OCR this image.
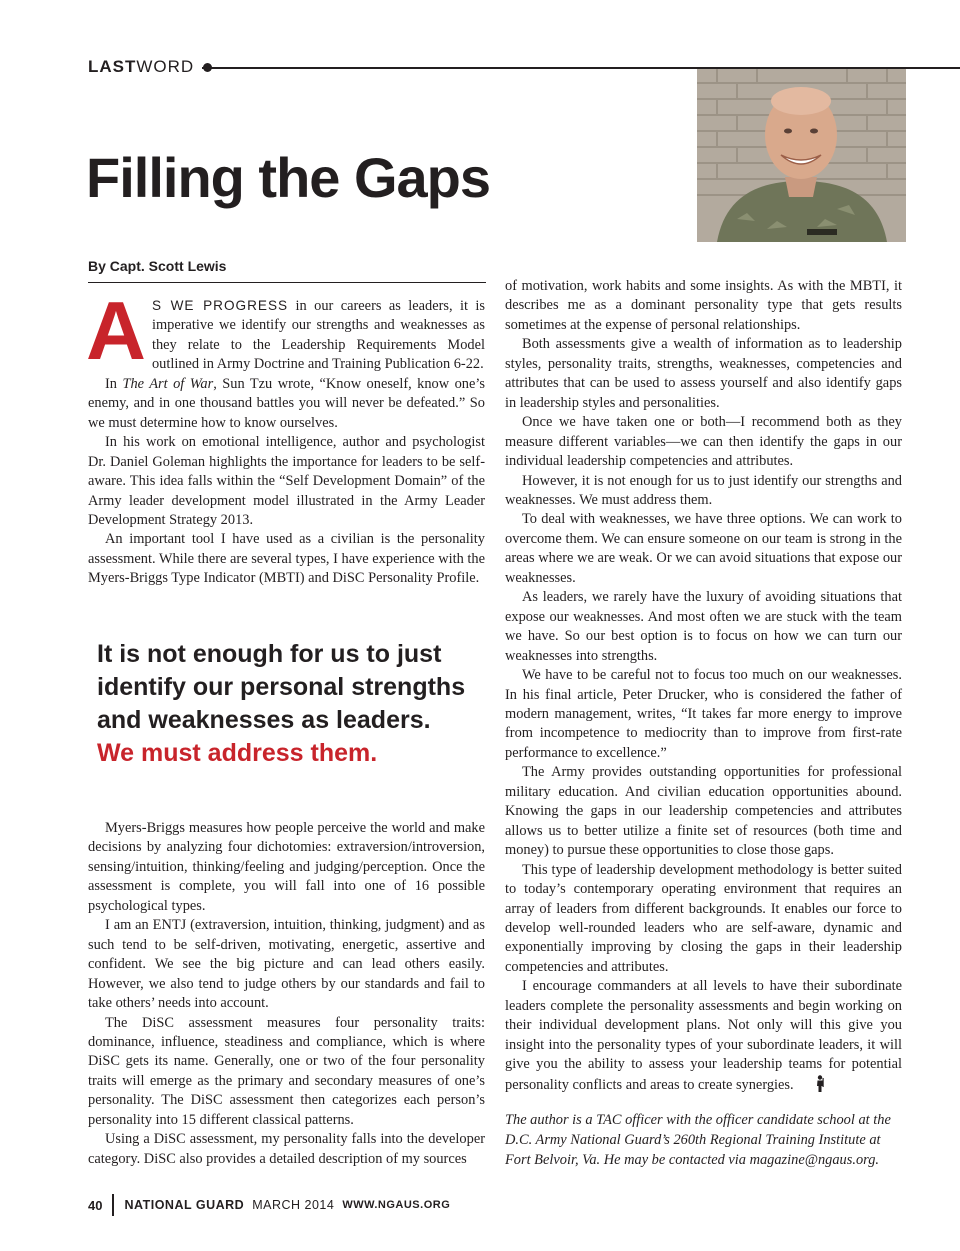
LASTWORD
Filling the Gaps
By Capt. Scott Lewis

A S WE PROGRESS in our careers as leaders, it is imperative we identify our strengths and weaknesses as they relate to the Leadership Requirements Model outlined in Army Doctrine and Training Publication 6-22.

In The Art of War, Sun Tzu wrote, “Know oneself, know one’s enemy, and in one thousand battles you will never be defeated.” So we must determine how to know ourselves.

In his work on emotional intelligence, author and psychologist Dr. Daniel Goleman highlights the importance for leaders to be self-aware. This idea falls within the “Self Development Domain” of the Army leader development model illustrated in the Army Leader Development Strategy 2013.

An important tool I have used as a civilian is the personality assessment. While there are several types, I have experience with the Myers-Briggs Type Indicator (MBTI) and DiSC Personality Profile.

It is not enough for us to just identify our personal strengths and weaknesses as leaders.
We must address them.

Myers-Briggs measures how people perceive the world and make decisions by analyzing four dichotomies: extraversion/introversion, sensing/intuition, thinking/feeling and judging/perception. Once the assessment is complete, you will fall into one of 16 possible psychological types.

I am an ENTJ (extraversion, intuition, thinking, judgment) and as such tend to be self-driven, motivating, energetic, assertive and confident. We see the big picture and can lead others easily. However, we also tend to judge others by our standards and fail to take others’ needs into account.

The DiSC assessment measures four personality traits: dominance, influence, steadiness and compliance, which is where DiSC gets its name. Generally, one or two of the four personality traits will emerge as the primary and secondary measures of one’s personality. The DiSC assessment then categorizes each person’s personality into 15 different classical patterns.

Using a DiSC assessment, my personality falls into the developer category. DiSC also provides a detailed description of my sources

of motivation, work habits and some insights. As with the MBTI, it describes me as a dominant personality type that gets results sometimes at the expense of personal relationships.

Both assessments give a wealth of information as to leadership styles, personality traits, strengths, weaknesses, competencies and attributes that can be used to assess yourself and also identify gaps in leadership styles and personalities.

Once we have taken one or both—I recommend both as they measure different variables—we can then identify the gaps in our individual leadership competencies and attributes.

However, it is not enough for us to just identify our strengths and weaknesses. We must address them.

To deal with weaknesses, we have three options. We can work to overcome them. We can ensure someone on our team is strong in the areas where we are weak. Or we can avoid situations that expose our weaknesses.

As leaders, we rarely have the luxury of avoiding situations that expose our weaknesses. And most often we are stuck with the team we have. So our best option is to focus on how we can turn our weaknesses into strengths.

We have to be careful not to focus too much on our weaknesses. In his final article, Peter Drucker, who is considered the father of modern management, writes, “It takes far more energy to improve from incompetence to mediocrity than to improve from first-rate performance to excellence.”

The Army provides outstanding opportunities for professional military education. And civilian education opportunities abound. Knowing the gaps in our leadership competencies and attributes allows us to better utilize a finite set of resources (both time and money) to pursue these opportunities to close those gaps.

This type of leadership development methodology is better suited to today’s contemporary operating environment that requires an array of leaders from different backgrounds. It enables our force to develop well-rounded leaders who are self-aware, dynamic and exponentially improving by closing the gaps in their leadership competencies and attributes.

I encourage commanders at all levels to have their subordinate leaders complete the personality assessments and begin working on their individual development plans. Not only will this give you insight into the personality types of your subordinate leaders, it will give you the ability to assess your leadership teams for potential personality conflicts and areas to create synergies.

The author is a TAC officer with the officer candidate school at the D.C. Army National Guard’s 260th Regional Training Institute at Fort Belvoir, Va. He may be contacted via magazine@ngaus.org.
40 NATIONAL GUARD MARCH 2014 WWW.NGAUS.ORG
